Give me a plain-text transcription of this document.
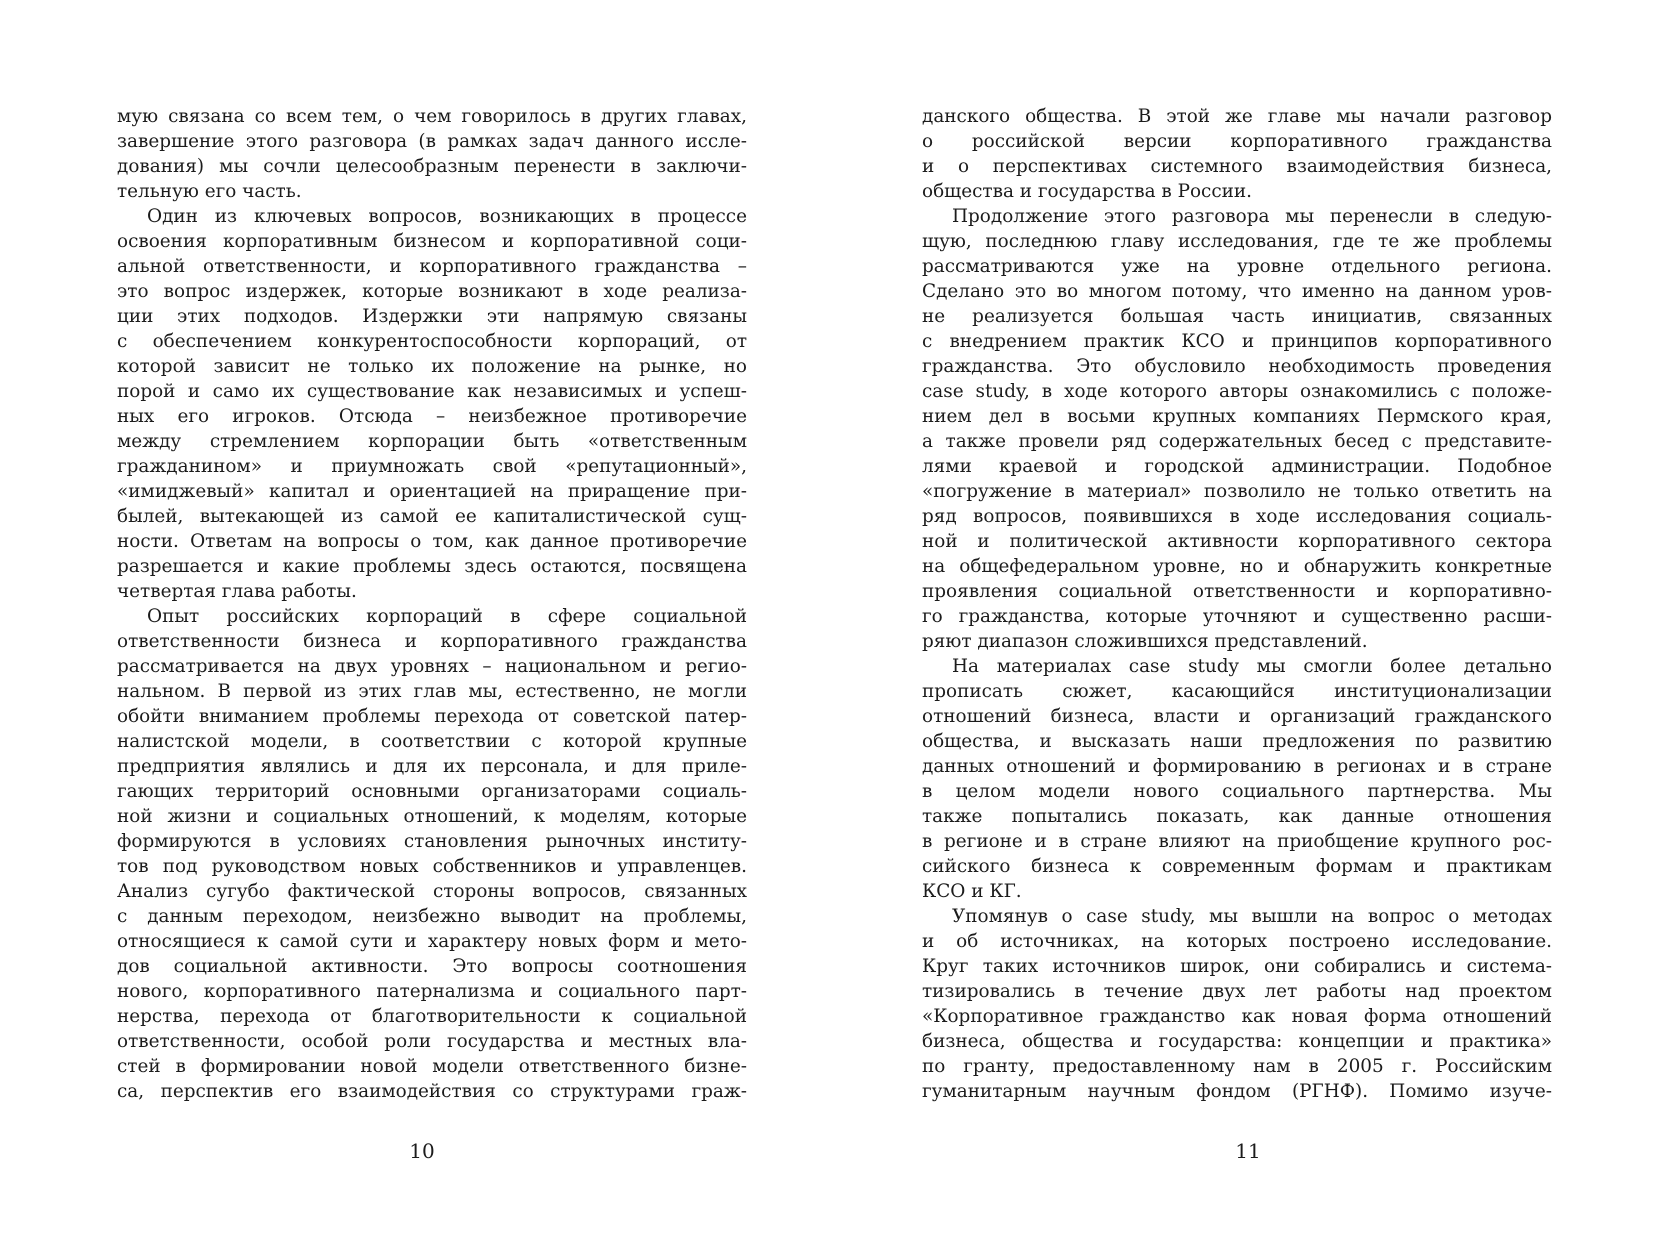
мую связана со всем тем, о чем говорилось в других главах,
завершение этого разговора (в рамках задач данного иссле-
дования) мы сочли целесообразным перенести в заключи-
тельную его часть.
Один из ключевых вопросов, возникающих в процессе
освоения корпоративным бизнесом и корпоративной соци-
альной ответственности, и корпоративного гражданства –
это вопрос издержек, которые возникают в ходе реализа-
ции этих подходов. Издержки эти напрямую связаны
с обеспечением конкурентоспособности корпораций, от
которой зависит не только их положение на рынке, но
порой и само их существование как независимых и успеш-
ных его игроков. Отсюда – неизбежное противоречие
между стремлением корпорации быть «ответственным
гражданином» и приумножать свой «репутационный»,
«имиджевый» капитал и ориентацией на приращение при-
былей, вытекающей из самой ее капиталистической сущ-
ности. Ответам на вопросы о том, как данное противоречие
разрешается и какие проблемы здесь остаются, посвящена
четвертая глава работы.
Опыт российских корпораций в сфере социальной
ответственности бизнеса и корпоративного гражданства
рассматривается на двух уровнях – национальном и регио-
нальном. В первой из этих глав мы, естественно, не могли
обойти вниманием проблемы перехода от советской патер-
налистской модели, в соответствии с которой крупные
предприятия являлись и для их персонала, и для приле-
гающих территорий основными организаторами социаль-
ной жизни и социальных отношений, к моделям, которые
формируются в условиях становления рыночных институ-
тов под руководством новых собственников и управленцев.
Анализ сугубо фактической стороны вопросов, связанных
с данным переходом, неизбежно выводит на проблемы,
относящиеся к самой сути и характеру новых форм и мето-
дов социальной активности. Это вопросы соотношения
нового, корпоративного патернализма и социального парт-
нерства, перехода от благотворительности к социальной
ответственности, особой роли государства и местных вла-
стей в формировании новой модели ответственного бизне-
са, перспектив его взаимодействия со структурами граж-
10
данского общества. В этой же главе мы начали разговор
о российской версии корпоративного гражданства
и о перспективах системного взаимодействия бизнеса,
общества и государства в России.
Продолжение этого разговора мы перенесли в следую-
щую, последнюю главу исследования, где те же проблемы
рассматриваются уже на уровне отдельного региона.
Сделано это во многом потому, что именно на данном уров-
не реализуется большая часть инициатив, связанных
с внедрением практик КСО и принципов корпоративного
гражданства. Это обусловило необходимость проведения
case study, в ходе которого авторы ознакомились с положе-
нием дел в восьми крупных компаниях Пермского края,
а также провели ряд содержательных бесед с представите-
лями краевой и городской администрации. Подобное
«погружение в материал» позволило не только ответить на
ряд вопросов, появившихся в ходе исследования социаль-
ной и политической активности корпоративного сектора
на общефедеральном уровне, но и обнаружить конкретные
проявления социальной ответственности и корпоративно-
го гражданства, которые уточняют и существенно расши-
ряют диапазон сложившихся представлений.
На материалах case study мы смогли более детально
прописать сюжет, касающийся институционализации
отношений бизнеса, власти и организаций гражданского
общества, и высказать наши предложения по развитию
данных отношений и формированию в регионах и в стране
в целом модели нового социального партнерства. Мы
также попытались показать, как данные отношения
в регионе и в стране влияют на приобщение крупного рос-
сийского бизнеса к современным формам и практикам
КСО и КГ.
Упомянув о case study, мы вышли на вопрос о методах
и об источниках, на которых построено исследование.
Круг таких источников широк, они собирались и система-
тизировались в течение двух лет работы над проектом
«Корпоративное гражданство как новая форма отношений
бизнеса, общества и государства: концепции и практика»
по гранту, предоставленному нам в 2005 г. Российским
гуманитарным научным фондом (РГНФ). Помимо изуче-
11
